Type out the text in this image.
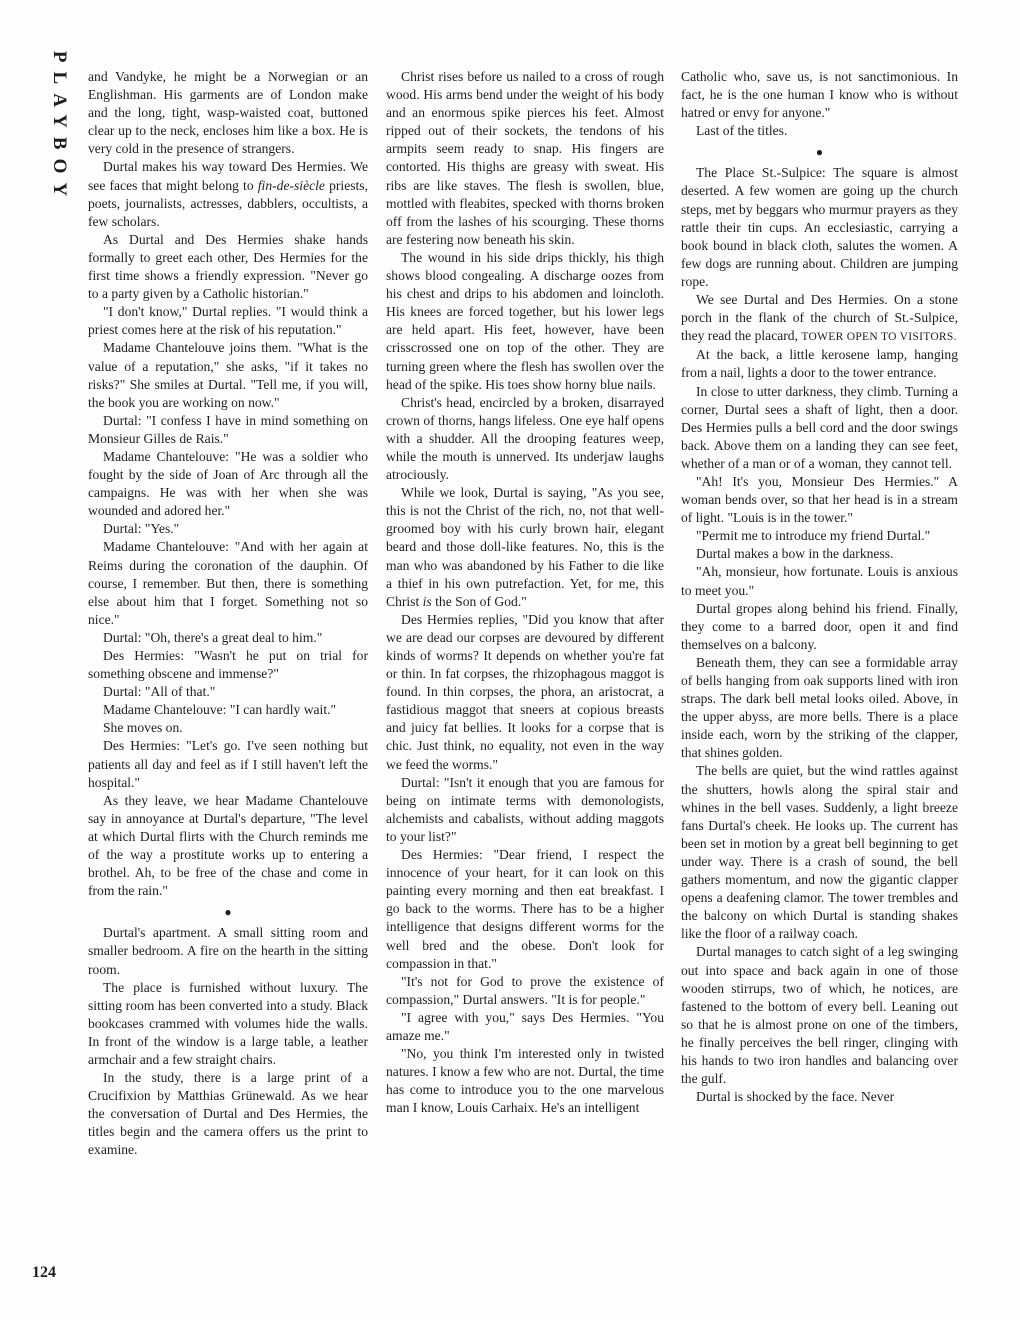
PLAYBOY
124

and Vandyke, he might be a Norwegian or an Englishman. His garments are of London make and the long, tight, wasp-waisted coat, buttoned clear up to the neck, encloses him like a box. He is very cold in the presence of strangers.

Durtal makes his way toward Des Hermies. We see faces that might belong to fin-de-siècle priests, poets, journalists, actresses, dabblers, occultists, a few scholars.

As Durtal and Des Hermies shake hands formally to greet each other, Des Hermies for the first time shows a friendly expression. "Never go to a party given by a Catholic historian."

"I don't know," Durtal replies. "I would think a priest comes here at the risk of his reputation."

Madame Chantelouve joins them. "What is the value of a reputation," she asks, "if it takes no risks?" She smiles at Durtal. "Tell me, if you will, the book you are working on now."

Durtal: "I confess I have in mind something on Monsieur Gilles de Rais."

Madame Chantelouve: "He was a soldier who fought by the side of Joan of Arc through all the campaigns. He was with her when she was wounded and adored her."

Durtal: "Yes."

Madame Chantelouve: "And with her again at Reims during the coronation of the dauphin. Of course, I remember. But then, there is something else about him that I forget. Something not so nice."

Durtal: "Oh, there's a great deal to him."

Des Hermies: "Wasn't he put on trial for something obscene and immense?"

Durtal: "All of that."

Madame Chantelouve: "I can hardly wait."

She moves on.

Des Hermies: "Let's go. I've seen nothing but patients all day and feel as if I still haven't left the hospital."

As they leave, we hear Madame Chantelouve say in annoyance at Durtal's departure, "The level at which Durtal flirts with the Church reminds me of the way a prostitute works up to entering a brothel. Ah, to be free of the chase and come in from the rain."

●

Durtal's apartment. A small sitting room and smaller bedroom. A fire on the hearth in the sitting room.

The place is furnished without luxury. The sitting room has been converted into a study. Black bookcases crammed with volumes hide the walls. In front of the window is a large table, a leather armchair and a few straight chairs.

In the study, there is a large print of a Crucifixion by Matthias Grünewald. As we hear the conversation of Durtal and Des Hermies, the titles begin and the camera offers us the print to examine.

Christ rises before us nailed to a cross of rough wood. His arms bend under the weight of his body and an enormous spike pierces his feet. Almost ripped out of their sockets, the tendons of his armpits seem ready to snap. His fingers are contorted. His thighs are greasy with sweat. His ribs are like staves. The flesh is swollen, blue, mottled with fleabites, specked with thorns broken off from the lashes of his scourging. These thorns are festering now beneath his skin.

The wound in his side drips thickly, his thigh shows blood congealing. A discharge oozes from his chest and drips to his abdomen and loincloth. His knees are forced together, but his lower legs are held apart. His feet, however, have been crisscrossed one on top of the other. They are turning green where the flesh has swollen over the head of the spike. His toes show horny blue nails.

Christ's head, encircled by a broken, disarrayed crown of thorns, hangs lifeless. One eye half opens with a shudder. All the drooping features weep, while the mouth is unnerved. Its underjaw laughs atrociously.

While we look, Durtal is saying, "As you see, this is not the Christ of the rich, no, not that well-groomed boy with his curly brown hair, elegant beard and those doll-like features. No, this is the man who was abandoned by his Father to die like a thief in his own putrefaction. Yet, for me, this Christ is the Son of God."

Des Hermies replies, "Did you know that after we are dead our corpses are devoured by different kinds of worms? It depends on whether you're fat or thin. In fat corpses, the rhizophagous maggot is found. In thin corpses, the phora, an aristocrat, a fastidious maggot that sneers at copious breasts and juicy fat bellies. It looks for a corpse that is chic. Just think, no equality, not even in the way we feed the worms."

Durtal: "Isn't it enough that you are famous for being on intimate terms with demonologists, alchemists and cabalists, without adding maggots to your list?"

Des Hermies: "Dear friend, I respect the innocence of your heart, for it can look on this painting every morning and then eat breakfast. I go back to the worms. There has to be a higher intelligence that designs different worms for the well bred and the obese. Don't look for compassion in that."

"It's not for God to prove the existence of compassion," Durtal answers. "It is for people."

"I agree with you," says Des Hermies. "You amaze me."

"No, you think I'm interested only in twisted natures. I know a few who are not. Durtal, the time has come to introduce you to the one marvelous man I know, Louis Carhaix. He's an intelligent

Catholic who, save us, is not sanctimonious. In fact, he is the one human I know who is without hatred or envy for anyone."

Last of the titles.

●

The Place St.-Sulpice: The square is almost deserted. A few women are going up the church steps, met by beggars who murmur prayers as they rattle their tin cups. An ecclesiastic, carrying a book bound in black cloth, salutes the women. A few dogs are running about. Children are jumping rope.

We see Durtal and Des Hermies. On a stone porch in the flank of the church of St.-Sulpice, they read the placard, TOWER OPEN TO VISITORS.

At the back, a little kerosene lamp, hanging from a nail, lights a door to the tower entrance.

In close to utter darkness, they climb. Turning a corner, Durtal sees a shaft of light, then a door. Des Hermies pulls a bell cord and the door swings back. Above them on a landing they can see feet, whether of a man or of a woman, they cannot tell.

"Ah! It's you, Monsieur Des Hermies." A woman bends over, so that her head is in a stream of light. "Louis is in the tower."

"Permit me to introduce my friend Durtal."

Durtal makes a bow in the darkness.

"Ah, monsieur, how fortunate. Louis is anxious to meet you."

Durtal gropes along behind his friend. Finally, they come to a barred door, open it and find themselves on a balcony.

Beneath them, they can see a formidable array of bells hanging from oak supports lined with iron straps. The dark bell metal looks oiled. Above, in the upper abyss, are more bells. There is a place inside each, worn by the striking of the clapper, that shines golden.

The bells are quiet, but the wind rattles against the shutters, howls along the spiral stair and whines in the bell vases. Suddenly, a light breeze fans Durtal's cheek. He looks up. The current has been set in motion by a great bell beginning to get under way. There is a crash of sound, the bell gathers momentum, and now the gigantic clapper opens a deafening clamor. The tower trembles and the balcony on which Durtal is standing shakes like the floor of a railway coach.

Durtal manages to catch sight of a leg swinging out into space and back again in one of those wooden stirrups, two of which, he notices, are fastened to the bottom of every bell. Leaning out so that he is almost prone on one of the timbers, he finally perceives the bell ringer, clinging with his hands to two iron handles and balancing over the gulf.

Durtal is shocked by the face. Never
